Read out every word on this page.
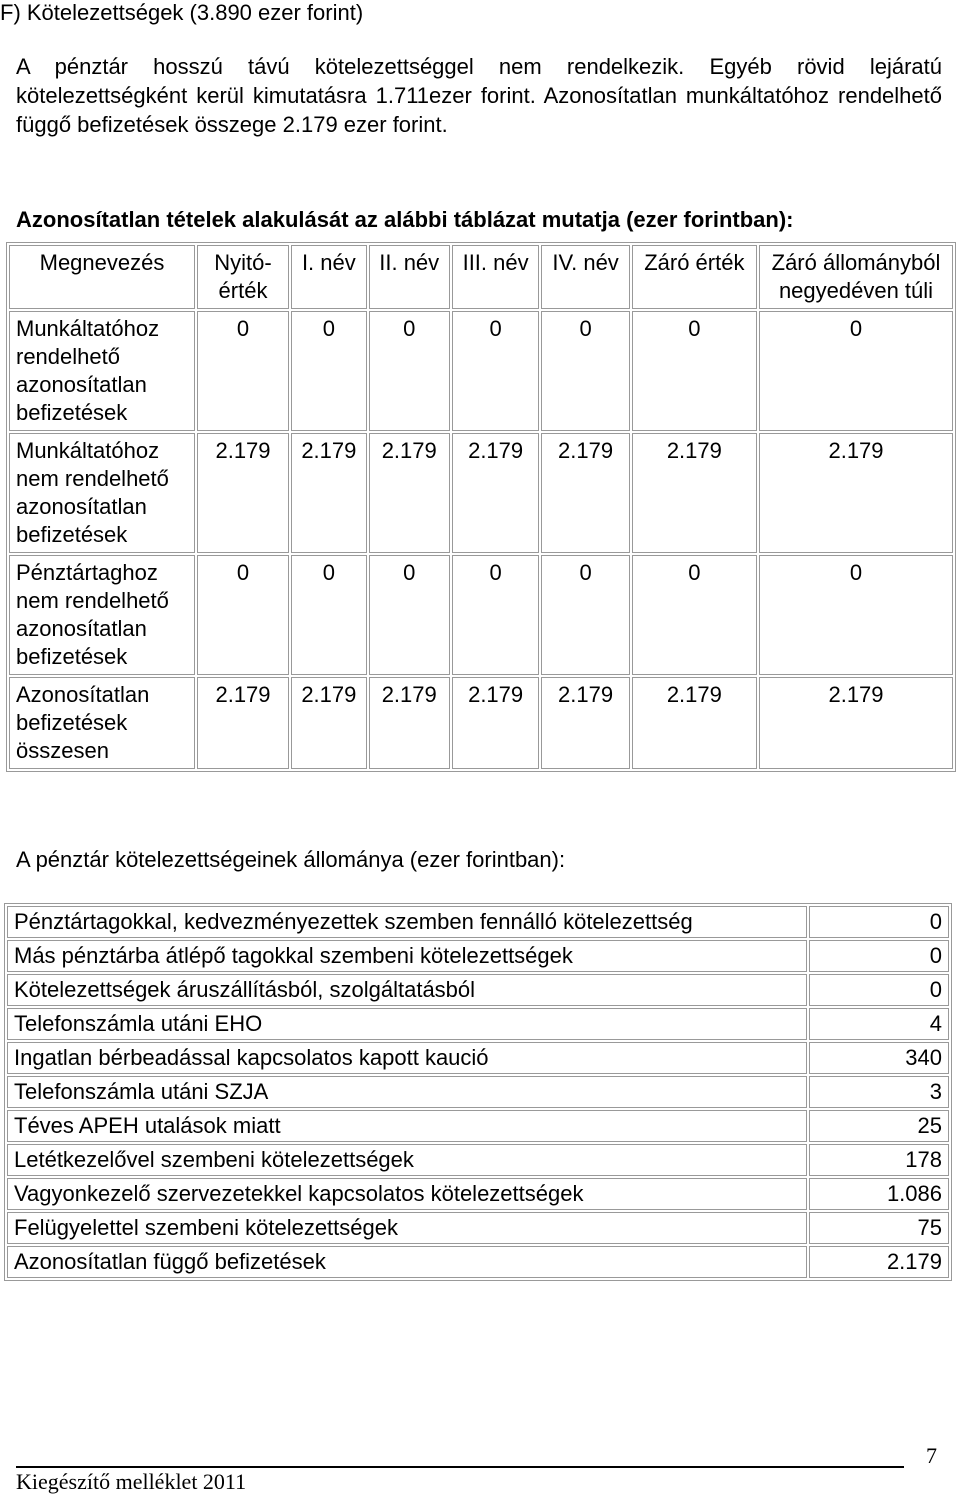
F) Kötelezettségek (3.890 ezer forint)
A pénztár hosszú távú kötelezettséggel nem rendelkezik. Egyéb rövid lejáratú kötelezettségként kerül kimutatásra 1.711ezer forint. Azonosítatlan munkáltatóhoz rendelhető függő befizetések összege 2.179 ezer forint.
Azonosítatlan tételek alakulását az alábbi táblázat mutatja (ezer forintban):
Megnevezés	Nyitó-érték	I. név	II. név	III. név	IV. név	Záró érték	Záró állományból negyedéven túli
Munkáltatóhoz rendelhető azonosítatlan befizetések	0	0	0	0	0	0	0
Munkáltatóhoz nem rendelhető azonosítatlan befizetések	2.179	2.179	2.179	2.179	2.179	2.179	2.179
Pénztártaghoz nem rendelhető azonosítatlan befizetések	0	0	0	0	0	0	0
Azonosítatlan befizetések összesen	2.179	2.179	2.179	2.179	2.179	2.179	2.179
A pénztár kötelezettségeinek állománya (ezer forintban):
Pénztártagokkal, kedvezményezettek szemben fennálló kötelezettség	0
Más pénztárba átlépő tagokkal szembeni kötelezettségek	0
Kötelezettségek áruszállításból, szolgáltatásból	0
Telefonszámla utáni EHO	4
Ingatlan bérbeadással kapcsolatos kapott kaució	340
Telefonszámla utáni SZJA	3
Téves APEH utalások miatt	25
Letétkezelővel szembeni kötelezettségek	178
Vagyonkezelő szervezetekkel kapcsolatos kötelezettségek	1.086
Felügyelettel szembeni kötelezettségek	75
Azonosítatlan függő befizetések	2.179
Kiegészítő melléklet 2011
7
